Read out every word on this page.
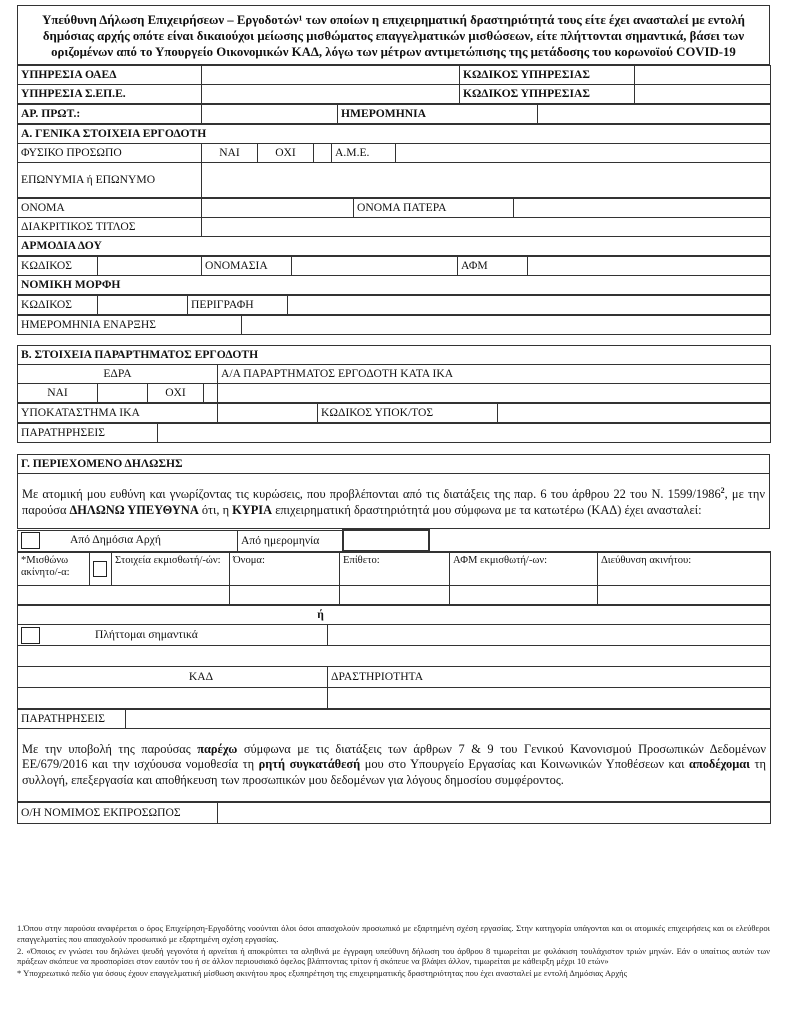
Υπεύθυνη Δήλωση Επιχειρήσεων – Εργοδοτών¹ των οποίων η επιχειρηματική δραστηριότητά τους είτε έχει ανασταλεί με εντολή δημόσιας αρχής οπότε είναι δικαιούχοι μείωσης μισθώματος επαγγελματικών μισθώσεων, είτε πλήττονται σημαντικά, βάσει των οριζομένων από το Υπουργείο Οικονομικών ΚΑΔ, λόγω των μέτρων αντιμετώπισης της μετάδοσης του κορωνοϊού COVID-19
ΥΠΗΡΕΣΙΑ ΟΑΕΔ		ΚΩΔΙΚΟΣ ΥΠΗΡΕΣΙΑΣ	
ΥΠΗΡΕΣΙΑ Σ.ΕΠ.Ε.		ΚΩΔΙΚΟΣ ΥΠΗΡΕΣΙΑΣ	
ΑΡ. ΠΡΩΤ.:		ΗΜΕΡΟΜΗΝΙΑ	
Α. ΓΕΝΙΚΑ ΣΤΟΙΧΕΙΑ ΕΡΓΟΔΟΤΗ					
ΦΥΣΙΚΟ ΠΡΟΣΩΠΟ	ΝΑΙ	ΟΧΙ		Α.Μ.Ε.	
ΕΠΩΝΥΜΙΑ ή ΕΠΩΝΥΜΟ					
ΟΝΟΜΑ		ΟΝΟΜΑ ΠΑΤΕΡΑ	
ΔΙΑΚΡΙΤΙΚΟΣ ΤΙΤΛΟΣ			
ΑΡΜΟΔΙΑ ΔΟΥ			
ΚΩΔΙΚΟΣ		ΟΝΟΜΑΣΙΑ		ΑΦΜ	
ΝΟΜΙΚΗ ΜΟΡΦΗ
ΚΩΔΙΚΟΣ		ΠΕΡΙΓΡΑΦΗ	
ΗΜΕΡΟΜΗΝΙΑ ΕΝΑΡΞΗΣ	
Β. ΣΤΟΙΧΕΙΑ ΠΑΡΑΡΤΗΜΑΤΟΣ ΕΡΓΟΔΟΤΗ				
ΕΔΡΑ				Α/Α ΠΑΡΑΡΤΗΜΑΤΟΣ ΕΡΓΟΔΟΤΗ ΚΑΤΑ ΙΚΑ
ΝΑΙ		ΟΧΙ		
ΥΠΟΚΑΤΑΣΤΗΜΑ ΙΚΑ		ΚΩΔΙΚΟΣ ΥΠΟΚ/ΤΟΣ	
ΠΑΡΑΤΗΡΗΣΕΙΣ	
Γ. ΠΕΡΙΕΧΟΜΕΝΟ ΔΗΛΩΣΗΣ
Με ατομική μου ευθύνη και γνωρίζοντας τις κυρώσεις, που προβλέπονται από τις διατάξεις της παρ. 6 του άρθρου 22 του Ν. 1599/1986$^2$, με την παρούσα ΔΗΛΩΝΩ ΥΠΕΥΘΥΝΑ ότι, η ΚΥΡΙΑ επιχειρηματική δραστηριότητά μου σύμφωνα με τα κατωτέρω (ΚΑΔ) έχει ανασταλεί:
Από Δημόσια Αρχή	Από ημερομηνία		
*Μισθώνω ακίνητο/-α:		Στοιχεία εκμισθωτή/-ών:	Όνομα:	Επίθετο:	ΑΦΜ εκμισθωτή/-ων:	Διεύθυνση ακινήτου:

ή	
Πλήττομαι σημαντικά	

ΚΑΔ	ΔΡΑΣΤΗΡΙΟΤΗΤΑ

ΠΑΡΑΤΗΡΗΣΕΙΣ	
Με την υποβολή της παρούσας παρέχω σύμφωνα με τις διατάξεις των άρθρων 7 & 9 του Γενικού Κανονισμού Προσωπικών Δεδομένων ΕΕ/679/2016 και την ισχύουσα νομοθεσία τη ρητή συγκατάθεσή μου στο Υπουργείο Εργασίας και Κοινωνικών Υποθέσεων και αποδέχομαι τη συλλογή, επεξεργασία και αποθήκευση των προσωπικών μου δεδομένων για λόγους δημοσίου συμφέροντος.
Ο/Η ΝΟΜΙΜΟΣ ΕΚΠΡΟΣΩΠΟΣ	

1.Όπου στην παρούσα αναφέρεται ο όρος Επιχείρηση-Εργοδότης νοούνται όλοι όσοι απασχολούν προσωπικό με εξαρτημένη σχέση εργασίας. Στην κατηγορία υπάγονται και οι ατομικές επιχειρήσεις και οι ελεύθεροι επαγγελματίες που απασχολούν προσωπικό με εξαρτημένη σχέση εργασίας.

2. «Όποιος εν γνώσει του δηλώνει ψευδή γεγονότα ή αρνείται ή αποκρύπτει τα αληθινά με έγγραφη υπεύθυνη δήλωση του άρθρου 8 τιμωρείται με φυλάκιση τουλάχιστον τριών μηνών. Εάν ο υπαίτιος αυτών των πράξεων σκόπευε να προσπορίσει στον εαυτόν του ή σε άλλον περιουσιακό όφελος βλάπτοντας τρίτον ή σκόπευε να βλάψει άλλον, τιμωρείται με κάθειρξη μέχρι 10 ετών»

* Υποχρεωτικό πεδίο για όσους έχουν επαγγελματική μίσθωση ακινήτου προς εξυπηρέτηση της επιχειρηματικής δραστηριότητας που έχει ανασταλεί με εντολή Δημόσιας Αρχής
